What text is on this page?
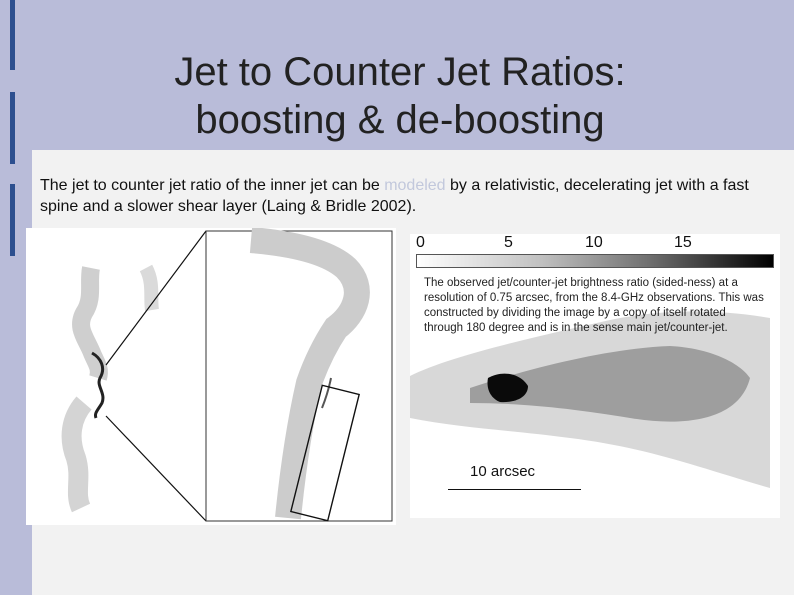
Jet to Counter Jet Ratios:
boosting & de-boosting
The jet to counter jet ratio of the inner jet can be modeled by a relativistic, decelerating jet with a fast spine and a slower shear layer (Laing & Bridle 2002).
0	5	10	15
The observed jet/counter-jet brightness ratio (sided-ness) at a resolution of 0.75 arcsec, from the 8.4-GHz observations. This was constructed by dividing the image by a copy of itself rotated through 180 degree and is in the sense main jet/counter-jet.
10 arcsec
